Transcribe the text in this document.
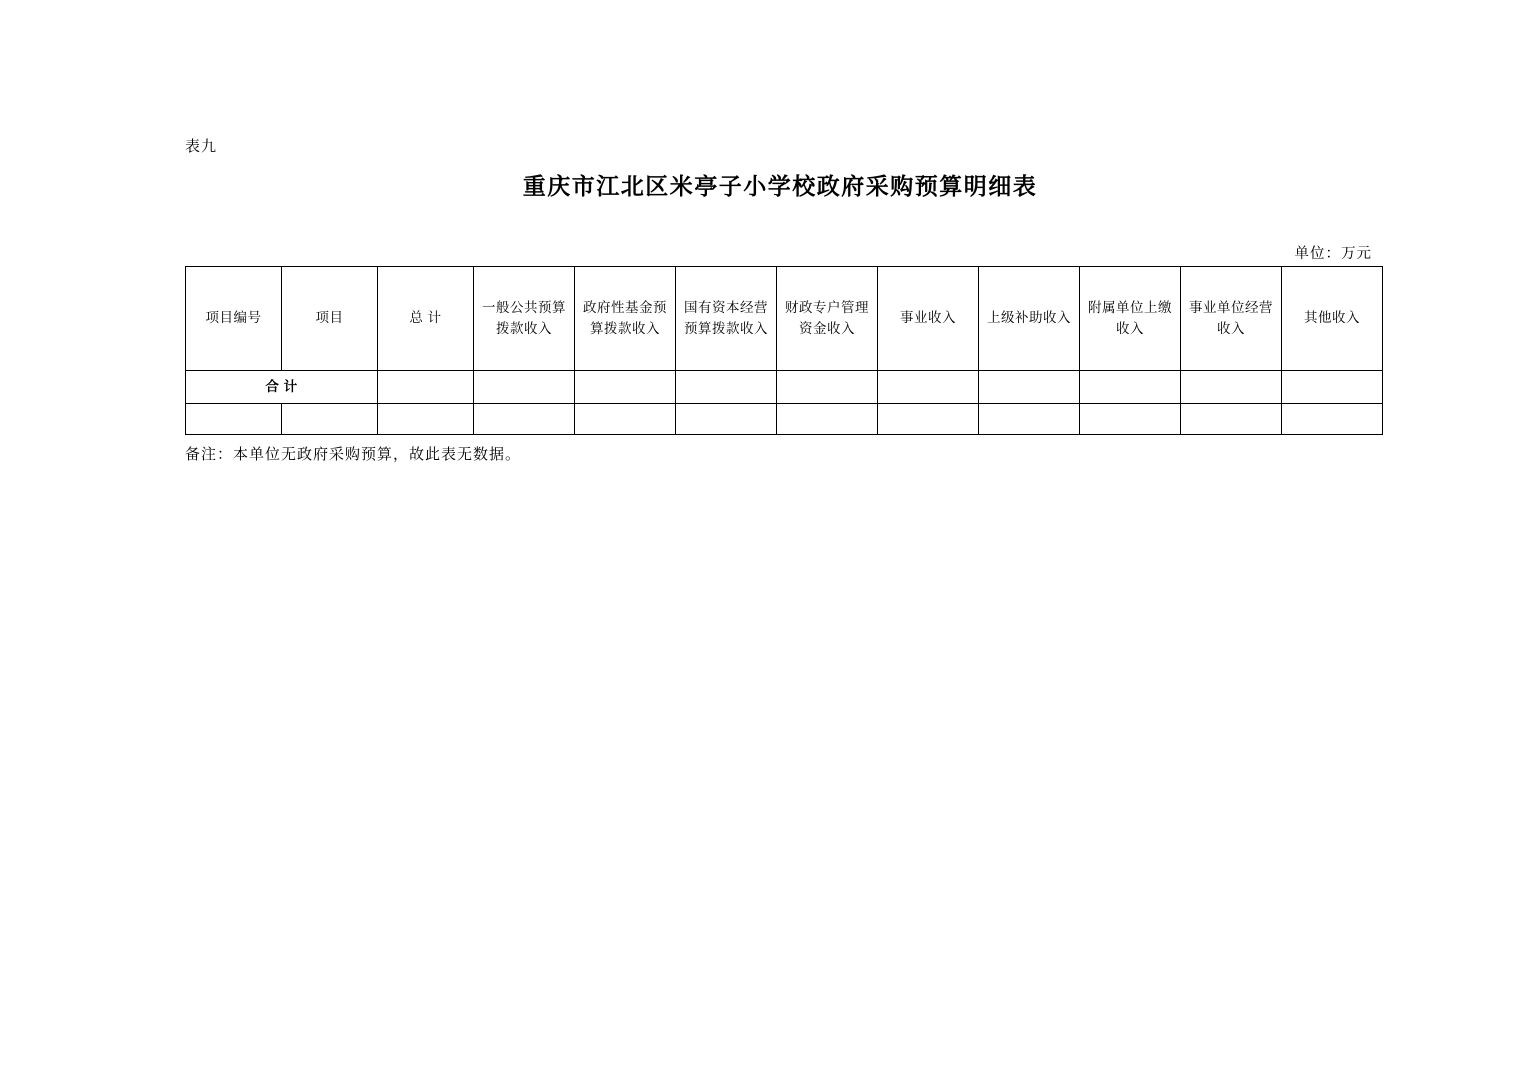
表九
重庆市江北区米亭子小学校政府采购预算明细表
单位：万元
项目编号	项目	总 计	一般公共预算拨款收入	政府性基金预算拨款收入	国有资本经营预算拨款收入	财政专户管理资金收入	事业收入	上级补助收入	附属单位上缴收入	事业单位经营收入	其他收入
合 计											

备注：本单位无政府采购预算，故此表无数据。
